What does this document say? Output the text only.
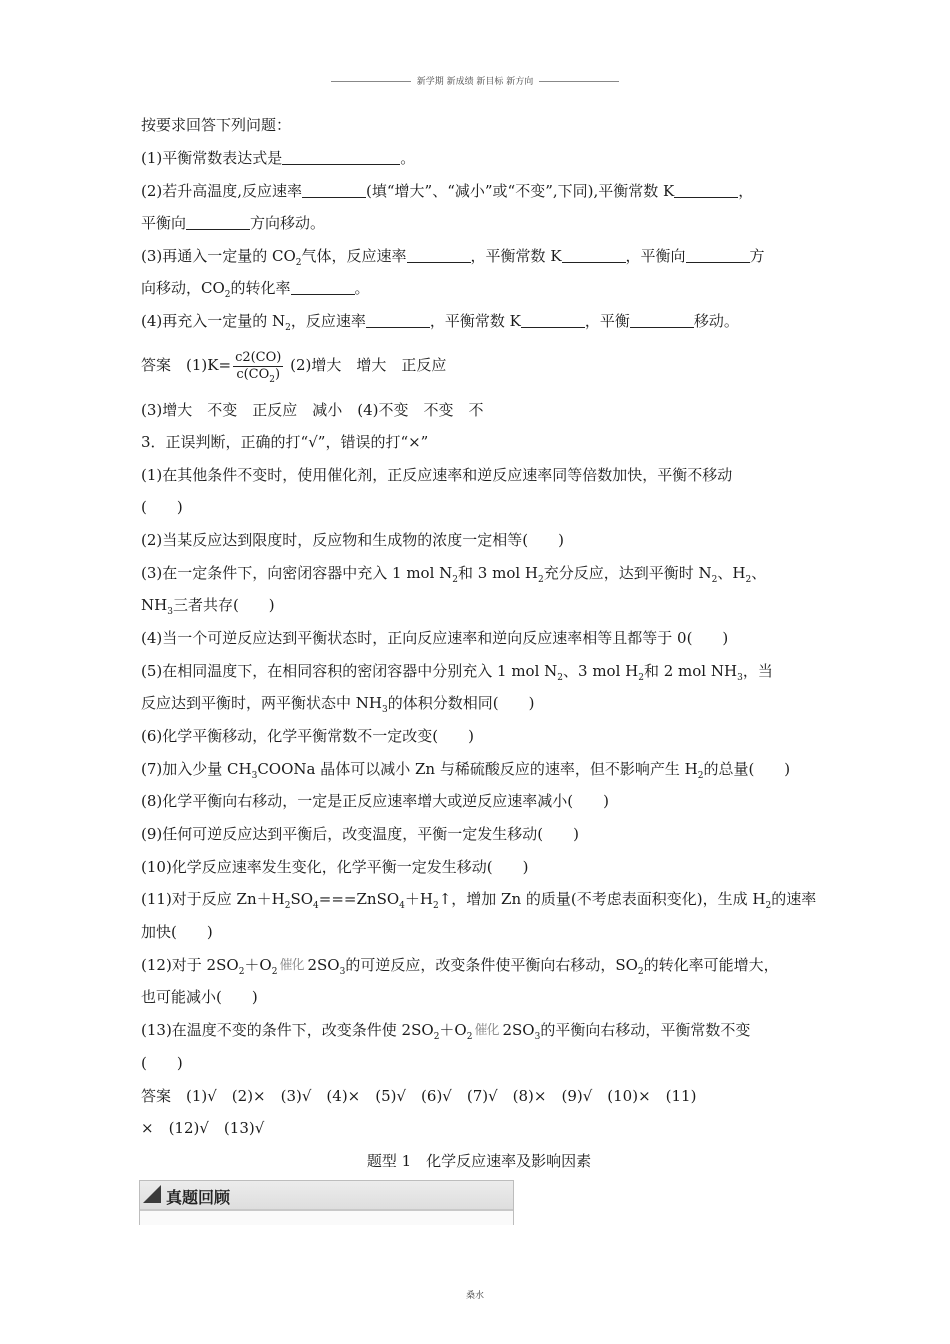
新学期 新成绩 新目标 新方向
按要求回答下列问题：
(1)平衡常数表达式是	。
(2)若升高温度,反应速率	(填“增大”、“减小”或“不变”,下同),平衡常数 K	，
平衡向	方向移动。
(3)再通入一定量的 $CO_2$气体，反应速率	，平衡常数 K	，平衡向	方
向移动，$CO_2$的转化率	。
(4)再充入一定量的 $N_2$，反应速率	，平衡常数 K	，平衡	移动。
答案　 $(1)K= \frac{c2(CO)}{c(CO_2)} (2)$增大　增大　正反应
(3)增大　不变　正反应　减小　(4)不变　不变　不
3．正误判断，正确的打“√”，错误的打“×”
(1)在其他条件不变时，使用催化剂，正反应速率和逆反应速率同等倍数加快，平衡不移动
(　　)
(2)当某反应达到限度时，反应物和生成物的浓度一定相等(　　)
(3)在一定条件下，向密闭容器中充入 1 mol $N_2$和 3 mol $H_2$充分反应，达到平衡时 $N_2$、$H_2$、
$NH_3$三者共存(　　)
(4)当一个可逆反应达到平衡状态时，正向反应速率和逆向反应速率相等且都等于 0(　　)
(5)在相同温度下，在相同容积的密闭容器中分别充入 1 mol $N_2$、3 mol $H_2$和 2 mol $NH_3$，当
反应达到平衡时，两平衡状态中 $NH_3$的体积分数相同(　　)
(6)化学平衡移动，化学平衡常数不一定改变(　　)
(7)加入少量 $CH_3COONa$ 晶体可以减小 Zn 与稀硫酸反应的速率，但不影响产生 $H_2$的总量(　　)
(8)化学平衡向右移动，一定是正反应速率增大或逆反应速率减小(　　)
(9)任何可逆反应达到平衡后，改变温度，平衡一定发生移动(　　)
(10)化学反应速率发生变化，化学平衡一定发生移动(　　)
(11)对于反应 $Zn+H_2SO_4===ZnSO_4+H_2↑$，增加 Zn 的质量(不考虑表面积变化)，生成 $H_2$的速率
加快(　　)
(12)对于 $2SO_2+O_2$ 催化 $2SO_3$的可逆反应，改变条件使平衡向右移动，$SO_2$的转化率可能增大，
也可能减小(　　)
(13)在温度不变的条件下，改变条件使 $2SO_2+O_2$ 催化 $2SO_3$的平衡向右移动，平衡常数不变
(　　)
答案　(1)√　(2)×　(3)√　(4)×　(5)√　(6)√　(7)√　(8)×　(9)√　(10)×　(11)
×　(12)√　(13)√
题型 1　化学反应速率及影响因素
真题回顾
桑水
